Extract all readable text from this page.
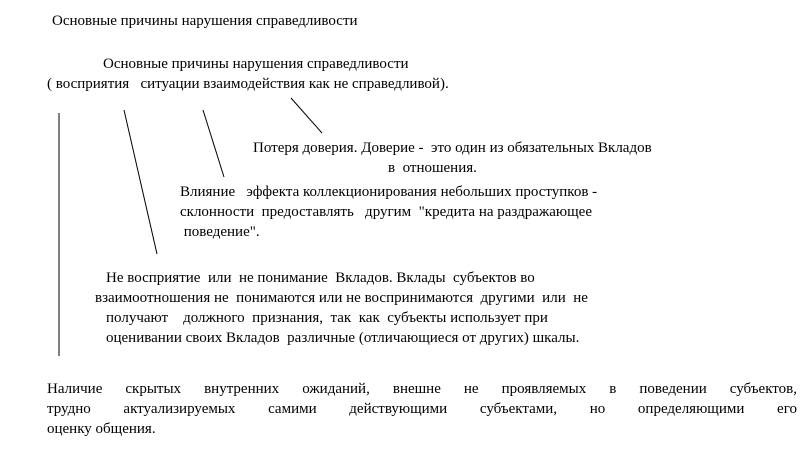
Основные причины нарушения справедливости
Основные причины нарушения справедливости
( восприятия   ситуации взаимодействия как не справедливой).
Потеря доверия. Доверие -  это один из обязательных Вкладов
в  отношения.
Влияние   эффекта коллекционирования небольших проступков -
склонности  предоставлять   другим  "кредита на раздражающее
поведение".
Не восприятие  или  не понимание  Вкладов. Вклады  субъектов во
взаимоотношения не  понимаются или не воспринимаются  другими  или  не
получают    должного  признания,  так  как  субъекты использует при
оценивании своих Вкладов  различные (отличающиеся от других) шкалы.
Наличие скрытых внутренних ожиданий, внешне не проявляемых в поведении субъектов,
трудно актуализируемых самими действующими субъектами, но определяющими его
оценку общения.
